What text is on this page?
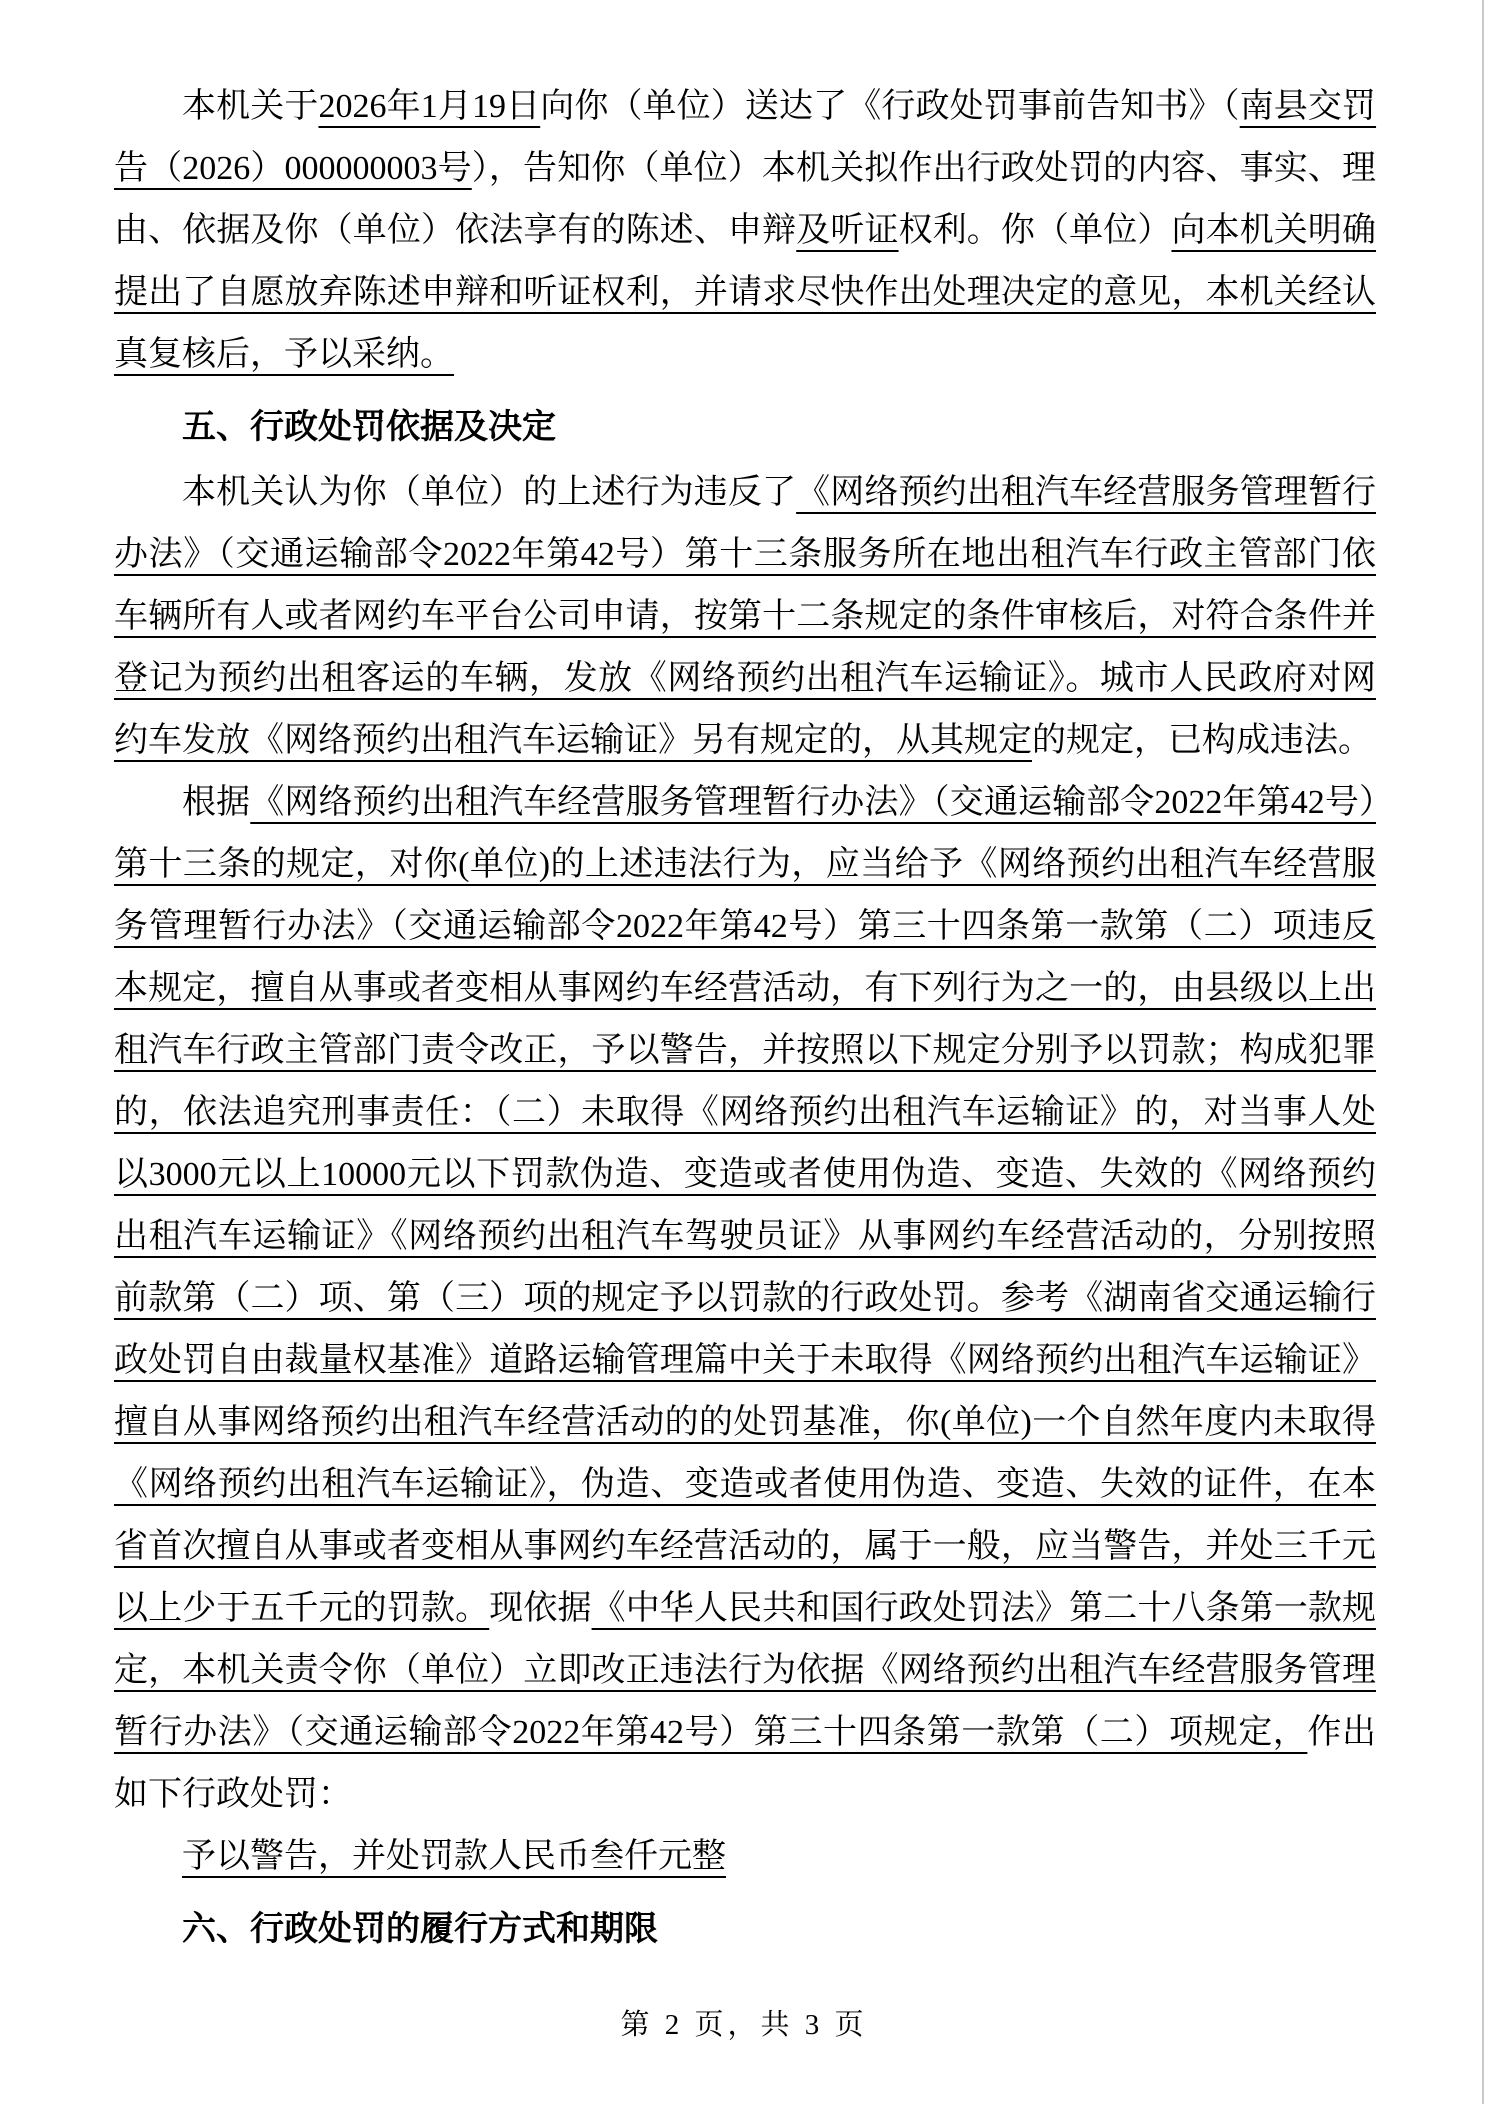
本机关于2026年1月19日向你（单位）送达了《行政处罚事前告知书》（南县交罚告（2026）000000003号），告知你（单位）本机关拟作出行政处罚的内容、事实、理由、依据及你（单位）依法享有的陈述、申辩及听证权利。你（单位）向本机关明确提出了自愿放弃陈述申辩和听证权利，并请求尽快作出处理决定的意见，本机关经认真复核后，予以采纳。

五、行政处罚依据及决定

本机关认为你（单位）的上述行为违反了《网络预约出租汽车经营服务管理暂行办法》（交通运输部令2022年第42号）第十三条服务所在地出租汽车行政主管部门依车辆所有人或者网约车平台公司申请，按第十二条规定的条件审核后，对符合条件并登记为预约出租客运的车辆，发放《网络预约出租汽车运输证》。城市人民政府对网约车发放《网络预约出租汽车运输证》另有规定的，从其规定的规定，已构成违法。

根据《网络预约出租汽车经营服务管理暂行办法》（交通运输部令2022年第42号）第十三条的规定，对你(单位)的上述违法行为，应当给予《网络预约出租汽车经营服务管理暂行办法》（交通运输部令2022年第42号）第三十四条第一款第（二）项违反本规定，擅自从事或者变相从事网约车经营活动，有下列行为之一的，由县级以上出租汽车行政主管部门责令改正，予以警告，并按照以下规定分别予以罚款；构成犯罪的，依法追究刑事责任：（二）未取得《网络预约出租汽车运输证》的，对当事人处以3000元以上10000元以下罚款伪造、变造或者使用伪造、变造、失效的《网络预约出租汽车运输证》《网络预约出租汽车驾驶员证》从事网约车经营活动的，分别按照前款第（二）项、第（三）项的规定予以罚款的行政处罚。参考《湖南省交通运输行政处罚自由裁量权基准》道路运输管理篇中关于未取得《网络预约出租汽车运输证》擅自从事网络预约出租汽车经营活动的的处罚基准，你(单位)一个自然年度内未取得《网络预约出租汽车运输证》，伪造、变造或者使用伪造、变造、失效的证件，在本省首次擅自从事或者变相从事网约车经营活动的，属于一般，应当警告，并处三千元以上少于五千元的罚款。现依据《中华人民共和国行政处罚法》第二十八条第一款规定，本机关责令你（单位）立即改正违法行为依据《网络预约出租汽车经营服务管理暂行办法》（交通运输部令2022年第42号）第三十四条第一款第（二）项规定，作出如下行政处罚：

予以警告，并处罚款人民币叁仟元整

六、行政处罚的履行方式和期限

第 2 页，共 3 页
